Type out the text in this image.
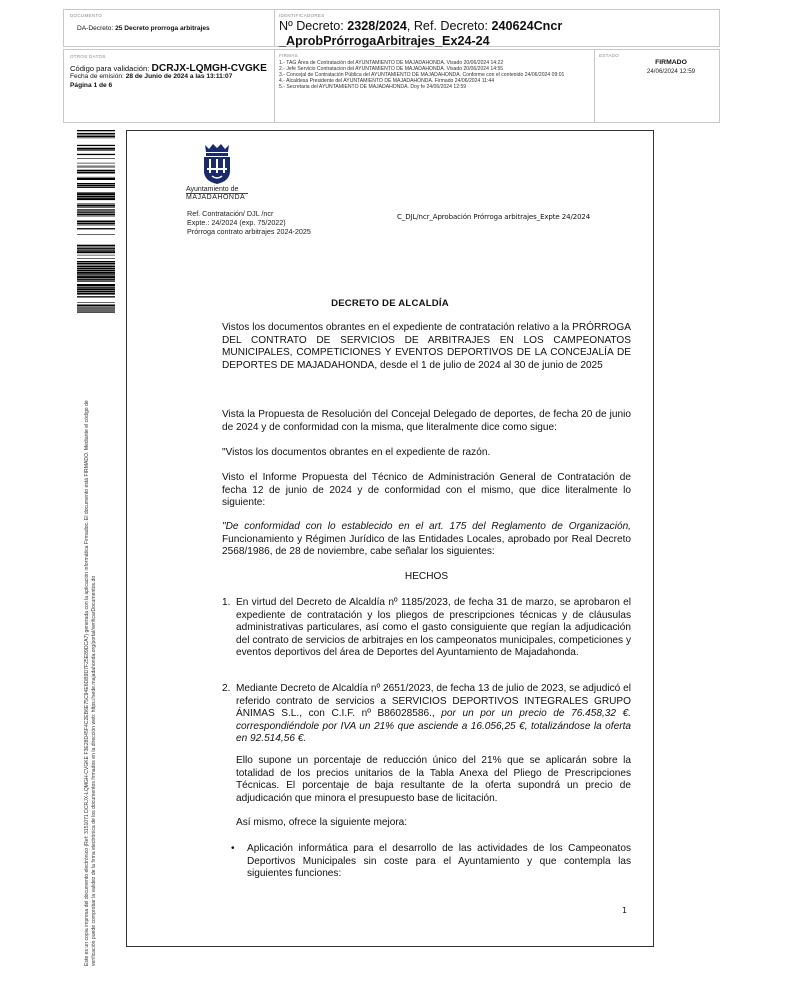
DOCUMENTO
DA-Decreto: 25 Decreto prorroga arbitrajes
IDENTIFICADORES
Nº Decreto: 2328/2024, Ref. Decreto: 240624Cncr
_AprobPrórrogaArbitrajes_Ex24-24
OTROS DATOS
Código para validación: DCRJX-LQMGH-CVGKE
Fecha de emisión: 28 de Junio de 2024 a las 13:11:07
Página 1 de 6
FIRMAS
1.- TAG Área de Contratación del AYUNTAMIENTO DE MAJADAHONDA. Visado 20/06/2024 14:22
2.- Jefe Servicio Contratacion del AYUNTAMIENTO DE MAJADAHONDA. Visado 20/06/2024 14:55
3.- Concejal de Contratación Pública del AYUNTAMIENTO DE MAJADAHONDA. Conforme con el contenido 24/06/2024 09:01
4.- Alcaldesa Presidente del AYUNTAMIENTO DE MAJADAHONDA. Firmado 24/06/2024 11:44
5.- Secretaria del AYUNTAMIENTO DE MAJADAHONDA. Doy fe 24/06/2024 12:59
ESTADO
FIRMADO
24/06/2024 12:59

Este es un copia impresa del documento electrónico (Ref: 3151071 DCRJX-LQMGH-CVGKE F3E28D45F4C2EB6E75C94E6DB9D7F25E89DCA7) generada con la aplicación informática Firmadoc. El documento está FIRMADO. Mediante el código de verificación puede comprobar la validez de la firma electrónica de los documentos firmados en la dirección web: https://sede.majadahonda.org/portal/verificarDocumentos.do

Ayuntamiento de
MAJADAHONDA
Ref. Contratación/ DJL /ncr
Expte.: 24/2024 (exp. 75/2022)
Prórroga contrato arbitrajes 2024-2025
C_DJL/ncr_Aprobación Prórroga arbitrajes_Expte 24/2024
DECRETO DE ALCALDÍA
Vistos los documentos obrantes en el expediente de contratación relativo a la PRÓRROGA DEL CONTRATO DE SERVICIOS DE ARBITRAJES EN LOS CAMPEONATOS MUNICIPALES, COMPETICIONES Y EVENTOS DEPORTIVOS DE LA CONCEJALÍA DE DEPORTES DE MAJADAHONDA, desde el 1 de julio de 2024 al 30 de junio de 2025
Vista la Propuesta de Resolución del Concejal Delegado de deportes, de fecha 20 de junio de 2024 y de conformidad con la misma, que literalmente dice como sigue:
"Vistos los documentos obrantes en el expediente de razón.
Visto el Informe Propuesta del Técnico de Administración General de Contratación de fecha 12 de junio de 2024 y de conformidad con el mismo, que dice literalmente lo siguiente:
"De conformidad con lo establecido en el art. 175 del Reglamento de Organización, Funcionamiento y Régimen Jurídico de las Entidades Locales, aprobado por Real Decreto 2568/1986, de 28 de noviembre, cabe señalar los siguientes:
HECHOS
1. En virtud del Decreto de Alcaldía nº 1185/2023, de fecha 31 de marzo, se aprobaron el expediente de contratación y los pliegos de prescripciones técnicas y de cláusulas administrativas particulares, así como el gasto consiguiente que regían la adjudicación del contrato de servicios de arbitrajes en los campeonatos municipales, competiciones y eventos deportivos del área de Deportes del Ayuntamiento de Majadahonda.
2. Mediante Decreto de Alcaldía nº 2651/2023, de fecha 13 de julio de 2023, se adjudicó el referido contrato de servicios a SERVICIOS DEPORTIVOS INTEGRALES GRUPO ÁNIMAS S.L., con C.I.F. nº B86028586., por un por un precio de 76.458,32 €. correspondiéndole por IVA un 21% que asciende a 16.056,25 €, totalizándose la oferta en 92.514,56 €.
Ello supone un porcentaje de reducción único del 21% que se aplicarán sobre la totalidad de los precios unitarios de la Tabla Anexa del Pliego de Prescripciones Técnicas. El porcentaje de baja resultante de la oferta supondrá un precio de adjudicación que minora el presupuesto base de licitación.
Así mismo, ofrece la siguiente mejora:
• Aplicación informática para el desarrollo de las actividades de los Campeonatos Deportivos Municipales sin coste para el Ayuntamiento y que contempla las siguientes funciones:
1
